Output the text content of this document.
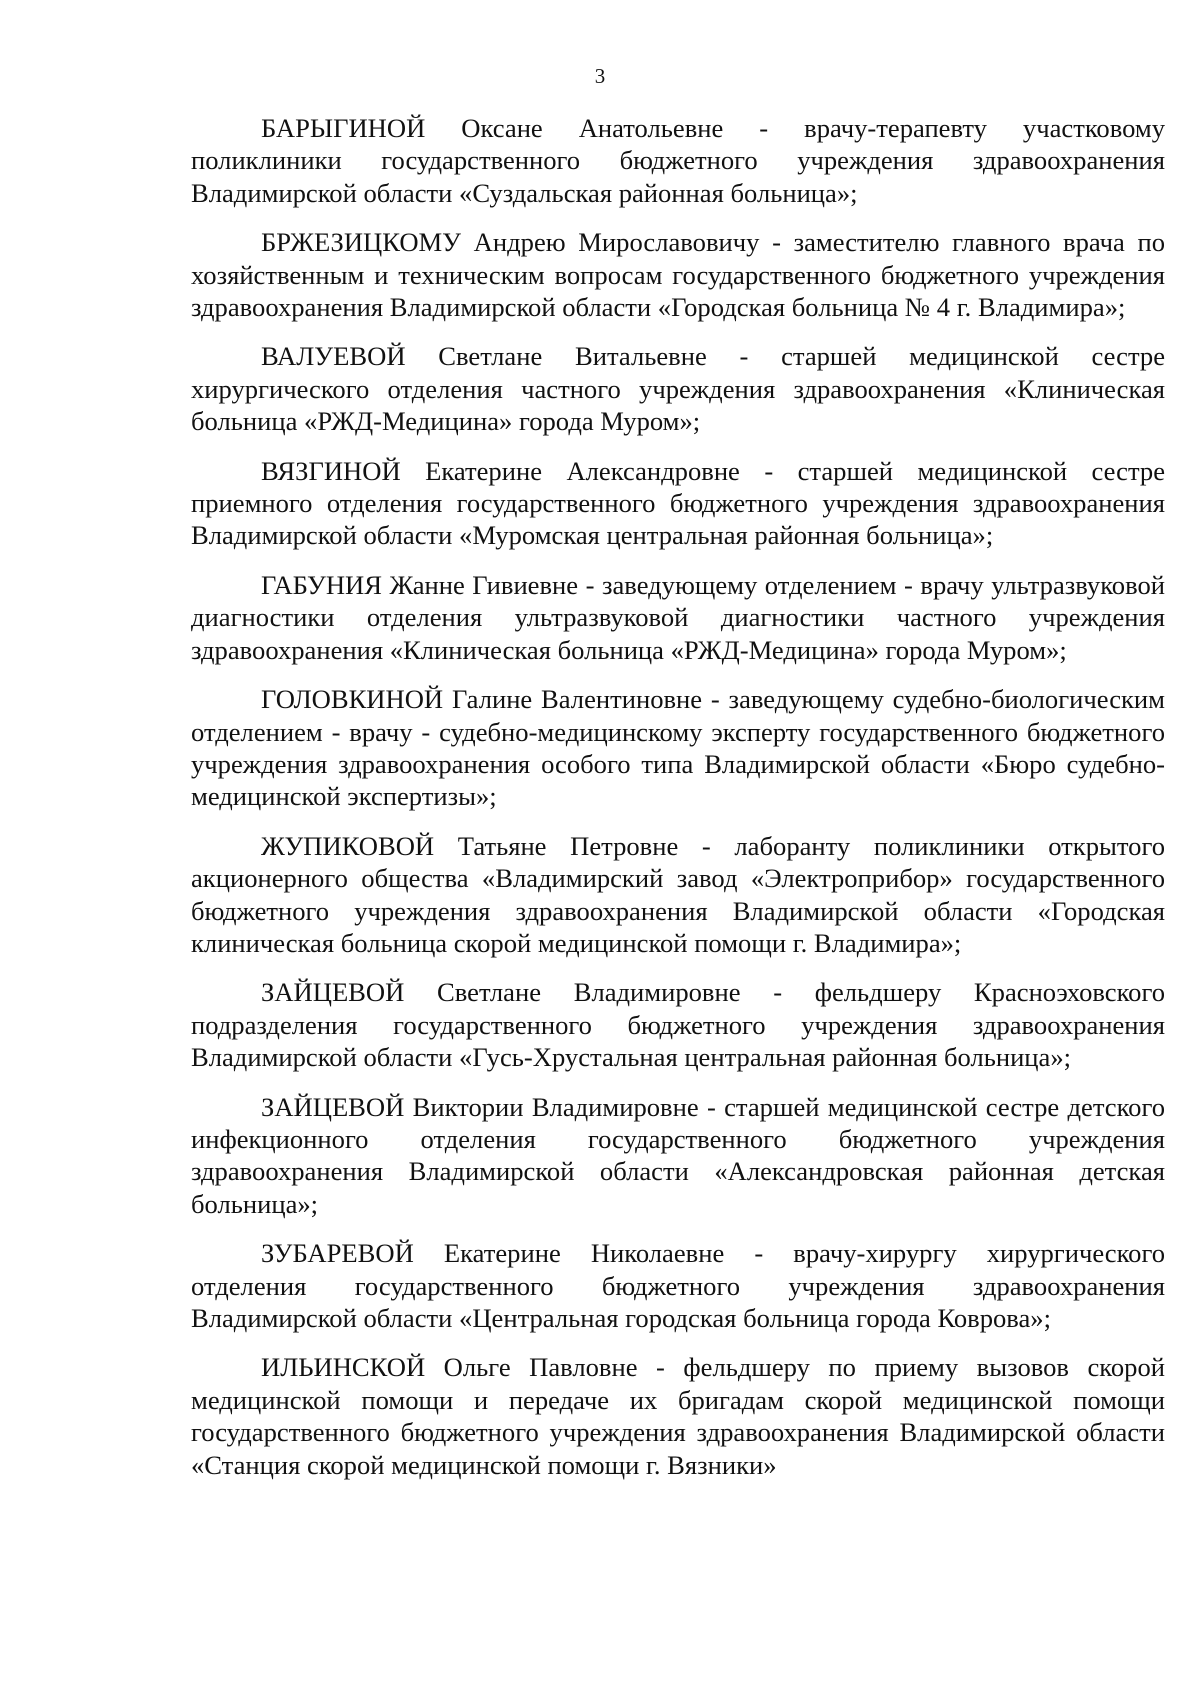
3

БАРЫГИНОЙ Оксане Анатольевне - врачу-терапевту участковому поликлиники государственного бюджетного учреждения здравоохранения Владимирской области «Суздальская районная больница»;

БРЖЕЗИЦКОМУ Андрею Мирославовичу - заместителю главного врача по хозяйственным и техническим вопросам государственного бюджетного учреждения здравоохранения Владимирской области «Городская больница № 4 г. Владимира»;

ВАЛУЕВОЙ Светлане Витальевне - старшей медицинской сестре хирургического отделения частного учреждения здравоохранения «Клиническая больница «РЖД-Медицина» города Муром»;

ВЯЗГИНОЙ Екатерине Александровне - старшей медицинской сестре приемного отделения государственного бюджетного учреждения здравоохранения Владимирской области «Муромская центральная районная больница»;

ГАБУНИЯ Жанне Гивиевне - заведующему отделением - врачу ультразвуковой диагностики отделения ультразвуковой диагностики частного учреждения здравоохранения «Клиническая больница «РЖД-Медицина» города Муром»;

ГОЛОВКИНОЙ Галине Валентиновне - заведующему судебно-биологическим отделением - врачу - судебно-медицинскому эксперту государственного бюджетного учреждения здравоохранения особого типа Владимирской области «Бюро судебно-медицинской экспертизы»;

ЖУПИКОВОЙ Татьяне Петровне - лаборанту поликлиники открытого акционерного общества «Владимирский завод «Электроприбор» государственного бюджетного учреждения здравоохранения Владимирской области «Городская клиническая больница скорой медицинской помощи г. Владимира»;

ЗАЙЦЕВОЙ Светлане Владимировне - фельдшеру Красноэховского подразделения государственного бюджетного учреждения здравоохранения Владимирской области «Гусь-Хрустальная центральная районная больница»;

ЗАЙЦЕВОЙ Виктории Владимировне - старшей медицинской сестре детского инфекционного отделения государственного бюджетного учреждения здравоохранения Владимирской области «Александровская районная детская больница»;

ЗУБАРЕВОЙ Екатерине Николаевне - врачу-хирургу хирургического отделения государственного бюджетного учреждения здравоохранения Владимирской области «Центральная городская больница города Коврова»;

ИЛЬИНСКОЙ Ольге Павловне - фельдшеру по приему вызовов скорой медицинской помощи и передаче их бригадам скорой медицинской помощи государственного бюджетного учреждения здравоохранения Владимирской области «Станция скорой медицинской помощи г. Вязники»
